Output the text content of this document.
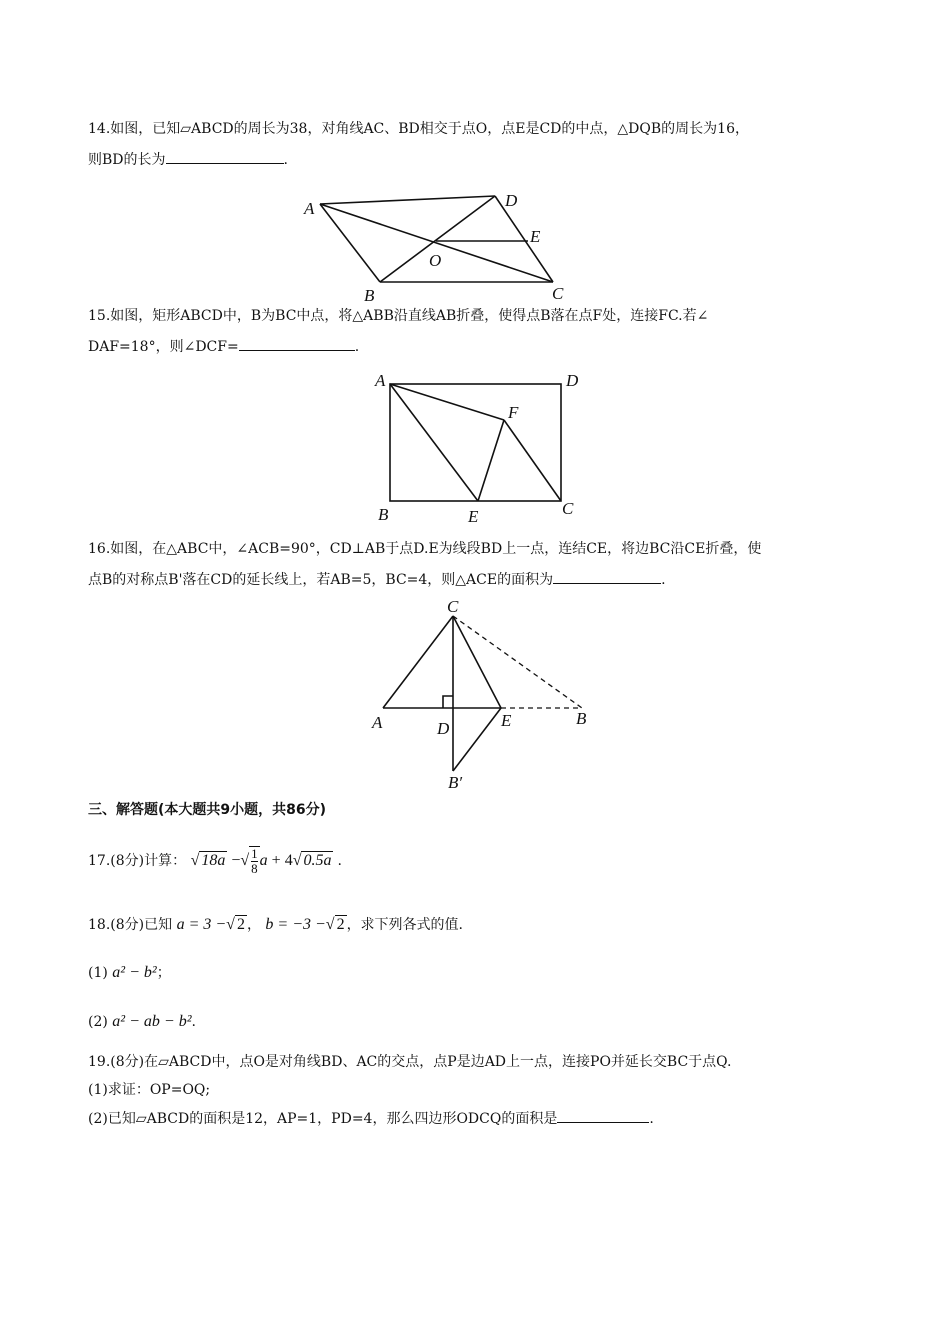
14.如图，已知▱ABCD的周长为38，对角线AC、BD相交于点O，点E是CD的中点，△DQB的周长为16，
则BD的长为	.
A	D
E
O
B	C
15.如图，矩形ABCD中，B为BC中点，将△ABB沿直线AB折叠，使得点B落在点F处，连接FC.若∠
DAF=18°，则∠DCF=	.
A	D
F
B	E	C
16.如图，在△ABC中，∠ACB=90°，CD⊥AB于点D.E为线段BD上一点，连结CE，将边BC沿CE折叠，使
点B的对称点B'落在CD的延长线上，若AB=5，BC=4，则△ACE的面积为	.
C
A	D	E	B
B′
三、解答题(本大题共9小题，共86分)
17.(8分)计算： √ 18a −√ $\frac{1}{8}$ a + 4√ 0.5a .
18.(8分)已知 a = 3 −√ 2 ， b = −3 −√ 2 ，求下列各式的值.
(1) a² − b²；
(2) a² − ab − b².
19.(8分)在▱ABCD中，点O是对角线BD、AC的交点，点P是边AD上一点，连接PO并延长交BC于点Q.
(1)求证：OP=OQ;
(2)已知▱ABCD的面积是12，AP=1，PD=4，那么四边形ODCQ的面积是	.
